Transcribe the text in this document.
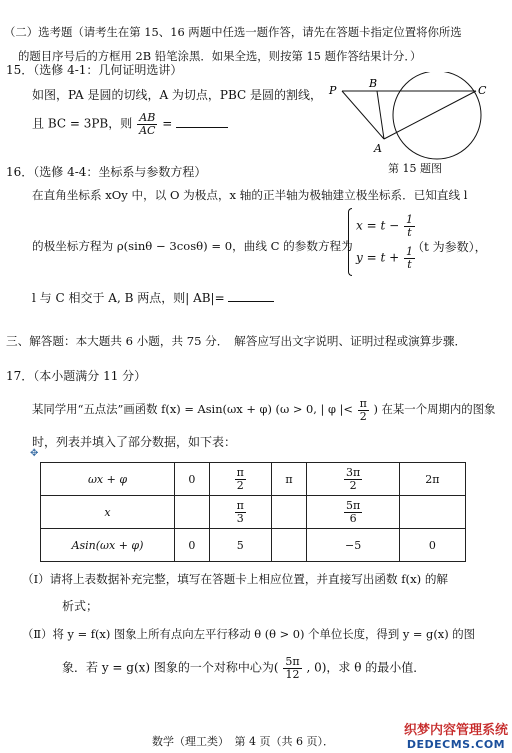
（二）选考题（请考生在第 15、16 两题中任选一题作答，请先在答题卡指定位置将你所选
的题目序号后的方框用 2B 铅笔涂黑．如果全选，则按第 15 题作答结果计分．）
15．（选修 4-1：几何证明选讲）
如图，PA 是圆的切线，A 为切点，PBC 是圆的割线，
且 BC = 3PB，则 $\frac{AB}{AC}$ =
P
B
C
A
第 15 题图
16．（选修 4-4：坐标系与参数方程）
在直角坐标系 xOy 中，以 O 为极点，x 轴的正半轴为极轴建立极坐标系．已知直线 l
的极坐标方程为 ρ(sinθ − 3cosθ) = 0，曲线 C 的参数方程为
$x = t - \frac{1}{t}$
$y = t + \frac{1}{t}$
（t 为参数），
l 与 C 相交于 A, B 两点，则| AB|=
三、解答题：本大题共 6 小题，共 75 分．　解答应写出文字说明、证明过程或演算步骤．
17．（本小题满分 11 分）
某同学用“五点法”画函数 f(x) = Asin(ωx + φ) (ω > 0, | φ |< $\frac{\pi}{2}$ ) 在某一个周期内的图象
时，列表并填入了部分数据，如下表：
✥
ωx + φ	0	$\frac{\pi}{2}$	π	$\frac{3\pi}{2}$	2π
x		$\frac{\pi}{3}$		$\frac{5\pi}{6}$

Asin(ωx + φ)	0	5		−5	0
（Ⅰ）请将上表数据补充完整，填写在答题卡上相应位置，并直接写出函数 f(x) 的解
析式；
（Ⅱ）将 y = f(x) 图象上所有点向左平行移动 θ (θ > 0) 个单位长度，得到 y = g(x) 的图
象．若 y = g(x) 图象的一个对称中心为( $\frac{5\pi}{12}$ , 0)，求 θ 的最小值．
数学（理工类）　第 4 页（共 6 页）．
织梦内容管理系统
DEDECMS.COM
